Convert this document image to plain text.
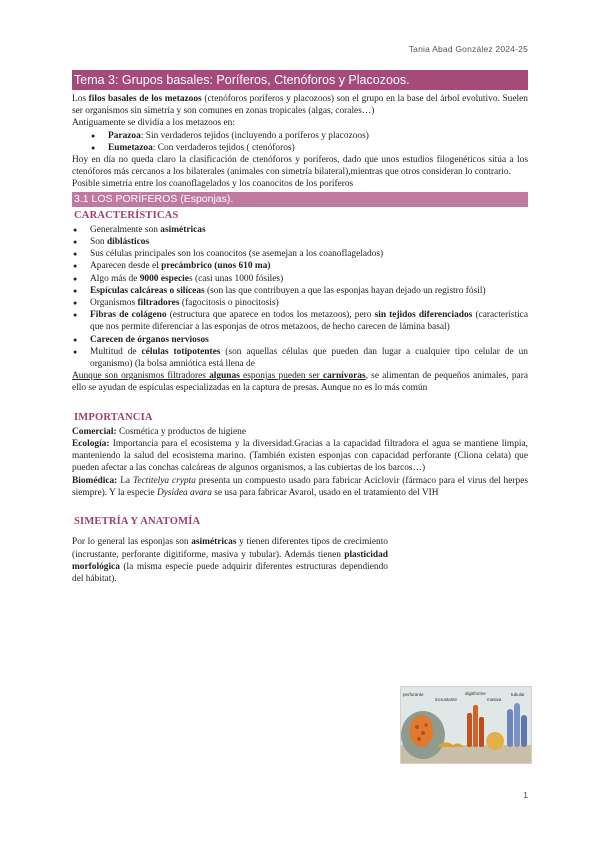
Tania Abad González 2024-25
Tema 3: Grupos basales: Poríferos, Ctenóforos y Placozoos.

Los filos basales de los metazoos (ctenóforos poríferos y placozoos) son el grupo en la base del árbol evolutivo. Suelen ser organismos sin simetría y son comunes en zonas tropicales (algas, corales…)

Antiguamente se dividía a los metazoos en:

● Parazoa: Sin verdaderos tejidos (incluyendo a poríferos y placozoos)
● Eumetazoa: Con verdaderos tejidos ( ctenóforos)

Hoy en día no queda claro la clasificación de ctenóforos y poríferos, dado que unos estudios filogenéticos sitúa a los ctenóforos más cercanos a los bilaterales (animales con simetría bilateral),mientras que otros consideran lo contrario.

Posible simetría entre los coanoflagelados y los coanocitos de los poríferos

3.1 LOS PORÍFEROS (Esponjas).
CARACTERÍSTICAS
● Generalmente son asimétricas
● Son diblásticos
● Sus células principales son los coanocitos (se asemejan a los coanoflagelados)
● Aparecen desde el precámbrico (unos 610 ma)
● Algo más de 9000 especies (casi unas 1000 fósiles)
● Espículas calcáreas o silíceas (son las que contribuyen a que las esponjas hayan dejado un registro fósil)
● Organismos filtradores (fagocitosis o pinocitosis)
● Fibras de colágeno (estructura que aparece en todos los metazoos), pero sin tejidos diferenciados (característica que nos permite diferenciar a las esponjas de otros metazoos, de hecho carecen de lámina basal)
● Carecen de órganos nerviosos
● Multitud de células totipotentes (son aquellas células que pueden dan lugar a cualquier tipo celular de un organismo) (la bolsa amniótica está llena de

Aunque son organismos filtradores algunas esponjas pueden ser carnívoras, se alimentan de pequeños animales, para ello se ayudan de espículas especializadas en la captura de presas. Aunque no es lo más común

IMPORTANCIA

Comercial: Cosmética y productos de higiene

Ecología: Importancia para el ecosistema y la diversidad.Gracias a la capacidad filtradora el agua se mantiene limpia, manteniendo la salud del ecosistema marino. (También existen esponjas con capacidad perforante (Cliona celata) que pueden afectar a las conchas calcáreas de algunos organismos, a las cubiertas de los barcos…)

Biomédica: La Tectitelya crypta presenta un compuesto usado para fabricar Aciclovir (fármaco para el virus del herpes siempre). Y la especie Dysidea avara se usa para fabricar Avarol, usado en el tratamiento del VIH

SIMETRÍA Y ANATOMÍA

Por lo general las esponjas son asimétricas y tienen diferentes tipos de crecimiento (incrustante, perforante digitiforme, masiva y tubular). Además tienen plasticidad morfológica (la misma especie puede adquirir diferentes estructuras dependiendo del hábitat).

perforante
incrustante
digitiforme
masiva
tubular
1
